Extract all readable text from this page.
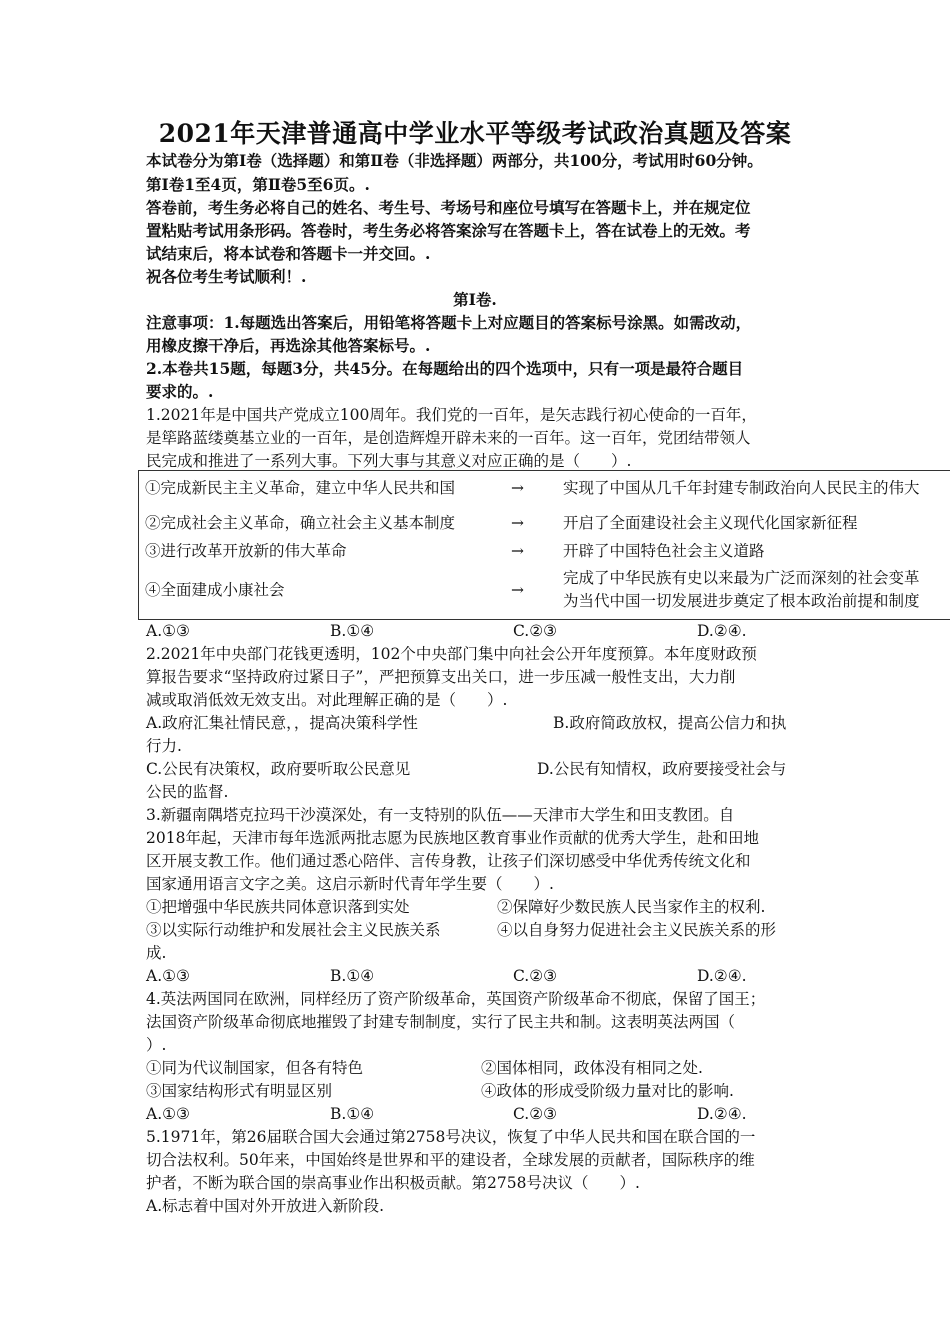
2021年天津普通高中学业水平等级考试政治真题及答案
本试卷分为第Ⅰ卷（选择题）和第Ⅱ卷（非选择题）两部分，共100分，考试用时60分钟。
第Ⅰ卷1至4页，第Ⅱ卷5至6页。.
答卷前，考生务必将自己的姓名、考生号、考场号和座位号填写在答题卡上，并在规定位
置粘贴考试用条形码。答卷时，考生务必将答案涂写在答题卡上，答在试卷上的无效。考
试结束后，将本试卷和答题卡一并交回。.
祝各位考生考试顺利！.
第Ⅰ卷.
注意事项：1.每题选出答案后，用铅笔将答题卡上对应题目的答案标号涂黑。如需改动，
用橡皮擦干净后，再选涂其他答案标号。.
2.本卷共15题，每题3分，共45分。在每题给出的四个选项中，只有一项是最符合题目
要求的。.
1.2021年是中国共产党成立100周年。我们党的一百年，是矢志践行初心使命的一百年，
是筚路蓝缕奠基立业的一百年，是创造辉煌开辟未来的一百年。这一百年，党团结带领人
民完成和推进了一系列大事。下列大事与其意义对应正确的是（　　）.
①完成新民主主义革命，建立中华人民共和国	→	实现了中国从几千年封建专制政治向人民民主的伟大
②完成社会主义革命，确立社会主义基本制度	→	开启了全面建设社会主义现代化国家新征程
③进行改革开放新的伟大革命	→	开辟了中国特色社会主义道路
④全面建成小康社会	→
完成了中华民族有史以来最为广泛而深刻的社会变革
为当代中国一切发展进步奠定了根本政治前提和制度
A.①③	B.①④	C.②③	D.②④.
2.2021年中央部门花钱更透明，102个中央部门集中向社会公开年度预算。本年度财政预
算报告要求“坚持政府过紧日子”，严把预算支出关口，进一步压减一般性支出，大力削
减或取消低效无效支出。对此理解正确的是（　　）.
A.政府汇集社情民意，，提高决策科学性	B.政府简政放权，提高公信力和执
行力.
C.公民有决策权，政府要听取公民意见	D.公民有知情权，政府要接受社会与
公民的监督.
3.新疆南隅塔克拉玛干沙漠深处，有一支特别的队伍——天津市大学生和田支教团。自
2018年起，天津市每年选派两批志愿为民族地区教育事业作贡献的优秀大学生，赴和田地
区开展支教工作。他们通过悉心陪伴、言传身教，让孩子们深切感受中华优秀传统文化和
国家通用语言文字之美。这启示新时代青年学生要（　　）.
①把增强中华民族共同体意识落到实处	②保障好少数民族人民当家作主的权利.
③以实际行动维护和发展社会主义民族关系	④以自身努力促进社会主义民族关系的形
成.
A.①③	B.①④	C.②③	D.②④.
4.英法两国同在欧洲，同样经历了资产阶级革命，英国资产阶级革命不彻底，保留了国王；
法国资产阶级革命彻底地摧毁了封建专制制度，实行了民主共和制。这表明英法两国（
）.
①同为代议制国家，但各有特色	②国体相同，政体没有相同之处.
③国家结构形式有明显区别	④政体的形成受阶级力量对比的影响.
A.①③	B.①④	C.②③	D.②④.
5.1971年，第26届联合国大会通过第2758号决议，恢复了中华人民共和国在联合国的一
切合法权利。50年来，中国始终是世界和平的建设者，全球发展的贡献者，国际秩序的维
护者，不断为联合国的崇高事业作出积极贡献。第2758号决议（　　）.
A.标志着中国对外开放进入新阶段.
